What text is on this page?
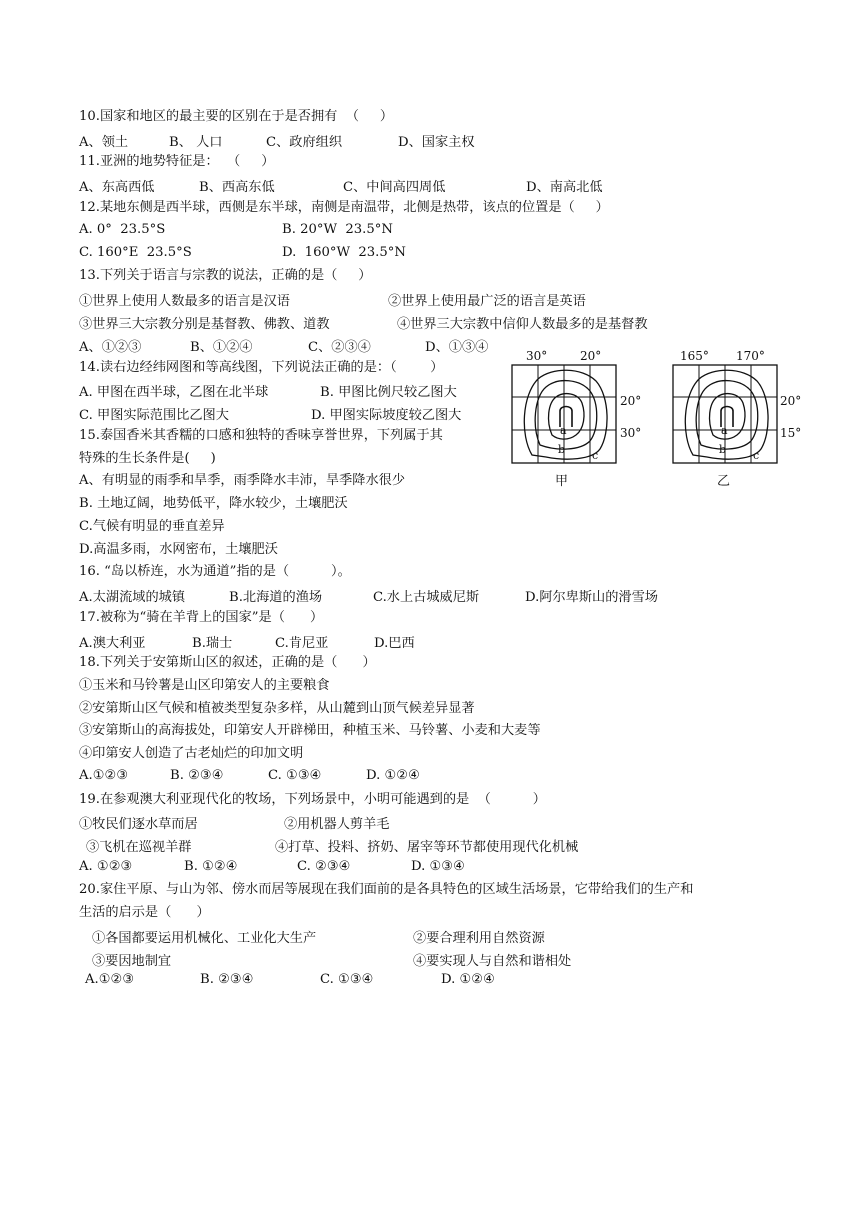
10.国家和地区的最主要的区别在于是否拥有  （     ）
A、领土	B、 人口	C、政府组织	D、国家主权
11.亚洲的地势特征是：  （     ）
A、东高西低	B、西高东低	C、中间高四周低	D、南高北低
12.某地东侧是西半球，西侧是东半球，南侧是南温带，北侧是热带，该点的位置是（     ）
A. 0°  23.5°S	B. 20°W  23.5°N
C. 160°E  23.5°S	D.  160°W  23.5°N
13.下列关于语言与宗教的说法，正确的是（     ）
①世界上使用人数最多的语言是汉语	②世界上使用最广泛的语言是英语
③世界三大宗教分别是基督教、佛教、道教	④世界三大宗教中信仰人数最多的是基督教
A、①②③	B、①②④	C、②③④	D、①③④
14.读右边经纬网图和等高线图，下列说法正确的是：（        ）
A. 甲图在西半球，乙图在北半球	B. 甲图比例尺较乙图大
C. 甲图实际范围比乙图大	D. 甲图实际坡度较乙图大
15.泰国香米其香糯的口感和独特的香味享誉世界，下列属于其
特殊的生长条件是(     )
A、有明显的雨季和旱季，雨季降水丰沛，旱季降水很少
B. 土地辽阔，地势低平，降水较少，土壤肥沃
C.气候有明显的垂直差异
D.高温多雨，水网密布，土壤肥沃
16. “岛以桥连，水为通道”指的是（          ）。
A.太湖流域的城镇	B.北海道的渔场	C.水上古城威尼斯	D.阿尔卑斯山的滑雪场
17.被称为“骑在羊背上的国家”是（      ）
A.澳大利亚	B.瑞士	C.肯尼亚	D.巴西
18.下列关于安第斯山区的叙述，正确的是（      ）
①玉米和马铃薯是山区印第安人的主要粮食
②安第斯山区气候和植被类型复杂多样，从山麓到山顶气候差异显著
③安第斯山的高海拔处，印第安人开辟梯田，种植玉米、马铃薯、小麦和大麦等
④印第安人创造了古老灿烂的印加文明
A.①②③	B. ②③④	C. ①③④	D. ①②④
19.在参观澳大利亚现代化的牧场，下列场景中，小明可能遇到的是  （          ）
①牧民们逐水草而居	②用机器人剪羊毛
③飞机在巡视羊群	④打草、投料、挤奶、屠宰等环节都使用现代化机械
A. ①②③	B. ①②④	C. ②③④	D. ①③④
20.家住平原、与山为邻、傍水而居等展现在我们面前的是各具特色的区域生活场景，它带给我们的生产和
生活的启示是（      ）
①各国都要运用机械化、工业化大生产	②要合理利用自然资源
③要因地制宜	④要实现人与自然和谐相处
A.①②③	B. ②③④	C. ①③④	D. ①②④
30°	20°
20°
30°
a
b c
甲
165° 170°
20°
15°
a
b c
乙
